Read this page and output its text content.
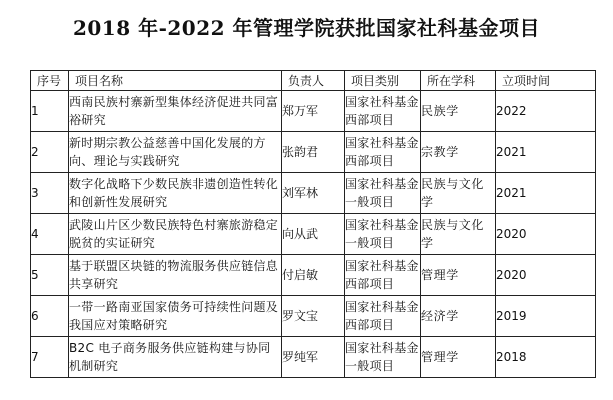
2018 年-2022 年管理学院获批国家社科基金项目
序号	项目名称	负责人	项目类别	所在学科	立项时间
1	西南民族村寨新型集体经济促进共同富裕研究	郑万军	国家社科基金西部项目	民族学	2022
2	新时期宗教公益慈善中国化发展的方向、理论与实践研究	张韵君	国家社科基金西部项目	宗教学	2021
3	数字化战略下少数民族非遗创造性转化和创新性发展研究	刘军林	国家社科基金一般项目	民族与文化学	2021
4	武陵山片区少数民族特色村寨旅游稳定脱贫的实证研究	向从武	国家社科基金一般项目	民族与文化学	2020
5	基于联盟区块链的物流服务供应链信息共享研究	付启敏	国家社科基金西部项目	管理学	2020
6	一带一路南亚国家债务可持续性问题及我国应对策略研究	罗文宝	国家社科基金西部项目	经济学	2019
7	B2C 电子商务服务供应链构建与协同机制研究	罗纯军	国家社科基金一般项目	管理学	2018
